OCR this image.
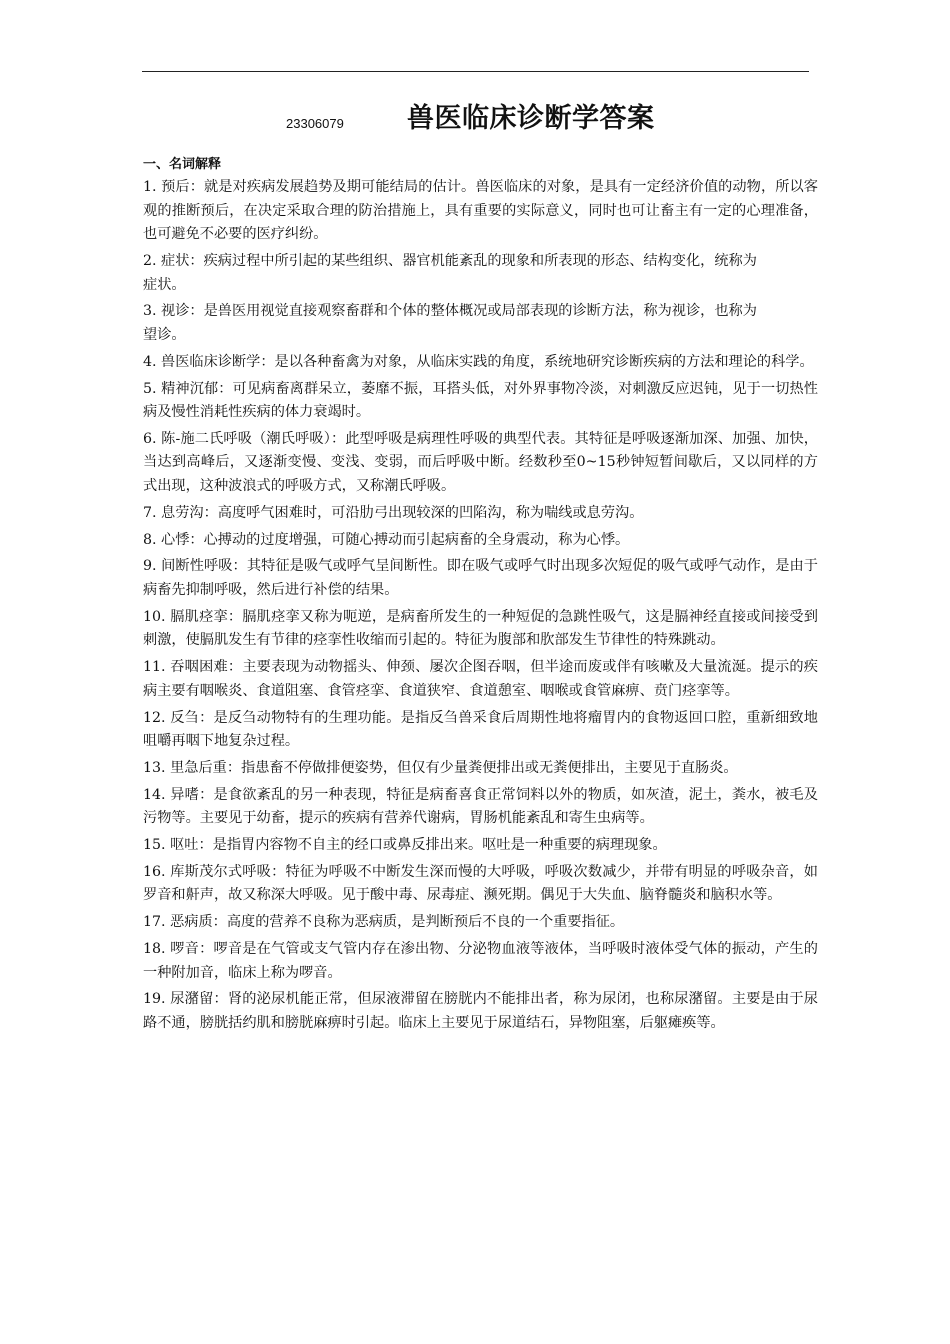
23306079 兽医临床诊断学答案
一、名词解释

1. 预后：就是对疾病发展趋势及期可能结局的估计。兽医临床的对象，是具有一定经济价值的动物，所以客观的推断预后，在决定采取合理的防治措施上，具有重要的实际意义，同时也可让畜主有一定的心理准备，也可避免不必要的医疗纠纷。

2. 症状：疾病过程中所引起的某些组织、器官机能紊乱的现象和所表现的形态、结构变化，统称为症状。

3. 视诊：是兽医用视觉直接观察畜群和个体的整体概况或局部表现的诊断方法，称为视诊，也称为望诊。

4. 兽医临床诊断学：是以各种畜禽为对象，从临床实践的角度，系统地研究诊断疾病的方法和理论的科学。

5. 精神沉郁：可见病畜离群呆立，萎靡不振，耳搭头低，对外界事物冷淡，对刺激反应迟钝，见于一切热性病及慢性消耗性疾病的体力衰竭时。

6. 陈-施二氏呼吸（潮氏呼吸）：此型呼吸是病理性呼吸的典型代表。其特征是呼吸逐渐加深、加强、加快，当达到高峰后，又逐渐变慢、变浅、变弱，而后呼吸中断。经数秒至0~15秒钟短暂间歇后，又以同样的方式出现，这种波浪式的呼吸方式，又称潮氏呼吸。

7. 息劳沟：高度呼气困难时，可沿肋弓出现较深的凹陷沟，称为喘线或息劳沟。

8. 心悸：心搏动的过度增强，可随心搏动而引起病畜的全身震动，称为心悸。

9. 间断性呼吸：其特征是吸气或呼气呈间断性。即在吸气或呼气时出现多次短促的吸气或呼气动作，是由于病畜先抑制呼吸，然后进行补偿的结果。

10. 膈肌痉挛：膈肌痉挛又称为呃逆，是病畜所发生的一种短促的急跳性吸气，这是膈神经直接或间接受到刺激，使膈肌发生有节律的痉挛性收缩而引起的。特征为腹部和肷部发生节律性的特殊跳动。

11. 吞咽困难：主要表现为动物摇头、伸颈、屡次企图吞咽，但半途而废或伴有咳嗽及大量流涎。提示的疾病主要有咽喉炎、食道阻塞、食管痉挛、食道狭窄、食道憩室、咽喉或食管麻痹、贲门痉挛等。

12. 反刍：是反刍动物特有的生理功能。是指反刍兽采食后周期性地将瘤胃内的食物返回口腔，重新细致地咀嚼再咽下地复杂过程。

13. 里急后重：指患畜不停做排便姿势，但仅有少量粪便排出或无粪便排出，主要见于直肠炎。

14. 异嗜：是食欲紊乱的另一种表现，特征是病畜喜食正常饲料以外的物质，如灰渣，泥土，粪水，被毛及污物等。主要见于幼畜，提示的疾病有营养代谢病，胃肠机能紊乱和寄生虫病等。

15. 呕吐：是指胃内容物不自主的经口或鼻反排出来。呕吐是一种重要的病理现象。

16. 库斯茂尔式呼吸：特征为呼吸不中断发生深而慢的大呼吸，呼吸次数减少，并带有明显的呼吸杂音，如罗音和鼾声，故又称深大呼吸。见于酸中毒、尿毒症、濒死期。偶见于大失血、脑脊髓炎和脑积水等。

17. 恶病质：高度的营养不良称为恶病质，是判断预后不良的一个重要指征。

18. 啰音：啰音是在气管或支气管内存在渗出物、分泌物血液等液体，当呼吸时液体受气体的振动，产生的一种附加音，临床上称为啰音。

19. 尿潴留：肾的泌尿机能正常，但尿液滞留在膀胱内不能排出者，称为尿闭，也称尿潴留。主要是由于尿路不通，膀胱括约肌和膀胱麻痹时引起。临床上主要见于尿道结石，异物阻塞，后躯瘫痪等。
